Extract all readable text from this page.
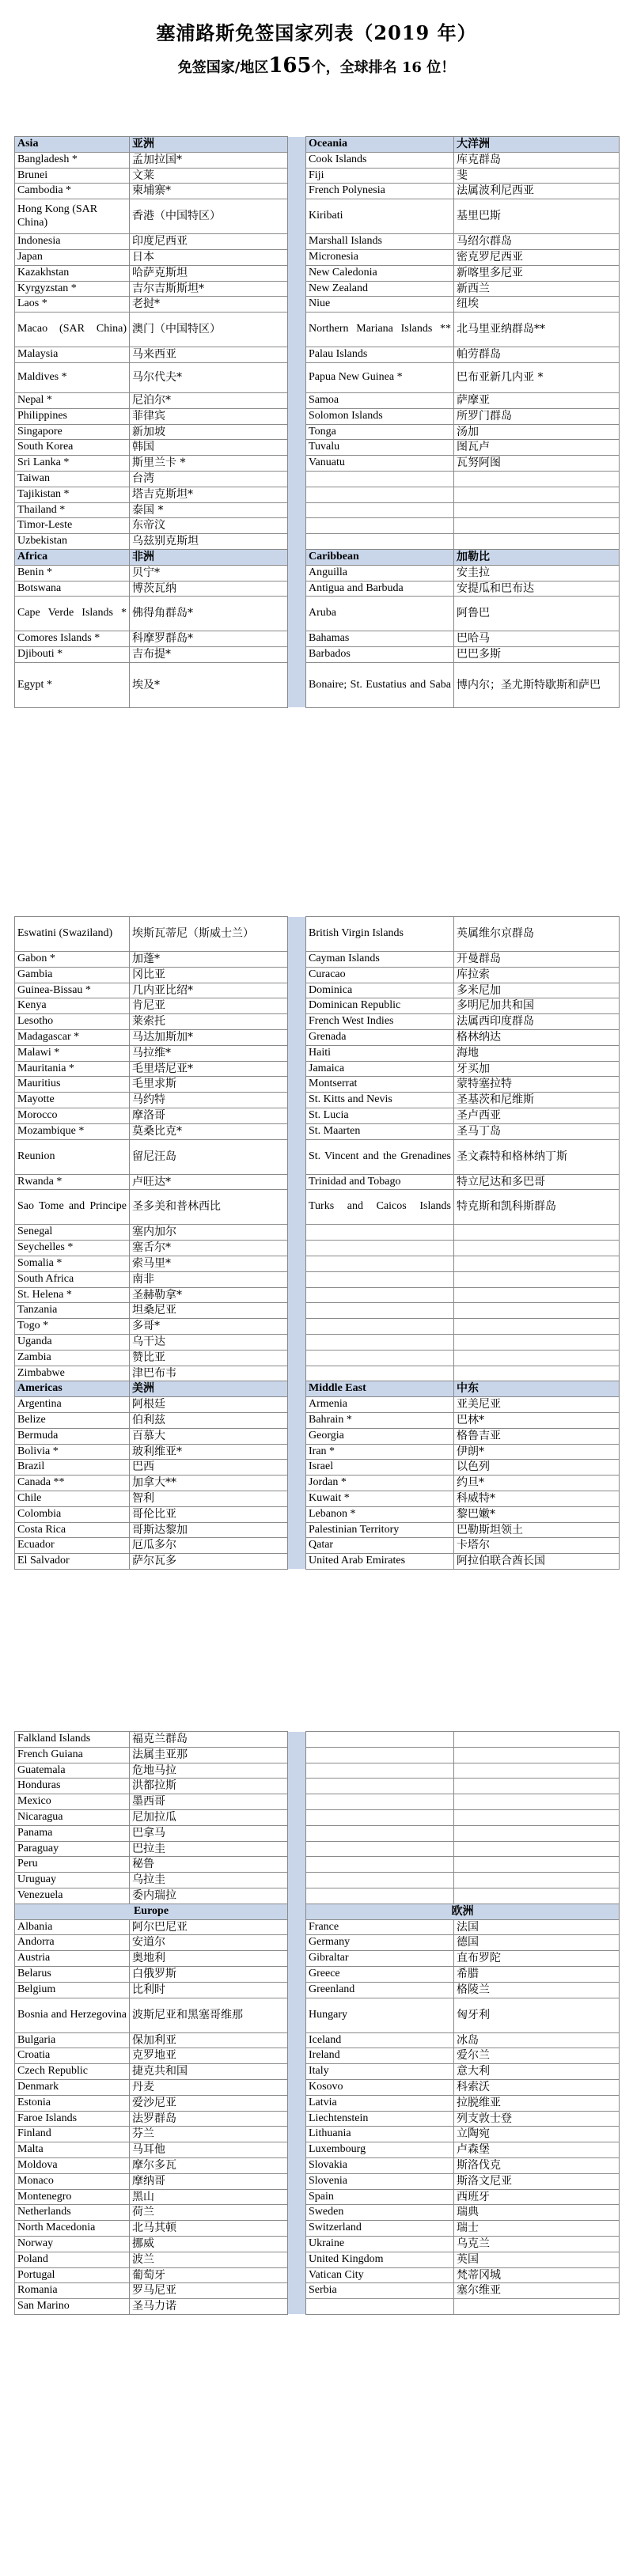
塞浦路斯免签国家列表（2019 年）
免签国家/地区165个，全球排名 16 位！
Asia	亚洲		Oceania	大洋洲
Bangladesh *	孟加拉国*		Cook Islands	库克群岛
Brunei	文莱		Fiji	斐
Cambodia *	柬埔寨*		French Polynesia	法属波利尼西亚
Hong Kong (SAR China)	香港（中国特区）		Kiribati	基里巴斯
Indonesia	印度尼西亚		Marshall Islands	马绍尔群岛
Japan	日本		Micronesia	密克罗尼西亚
Kazakhstan	哈萨克斯坦		New Caledonia	新喀里多尼亚
Kyrgyzstan *	吉尔吉斯斯坦*		New Zealand	新西兰
Laos *	老挝*		Niue	纽埃
Macao (SAR China)	澳门（中国特区）		Northern Mariana Islands **	北马里亚纳群岛**
Malaysia	马来西亚		Palau Islands	帕劳群岛
Maldives *	马尔代夫*		Papua New Guinea *	巴布亚新几内亚 *
Nepal *	尼泊尔*		Samoa	萨摩亚
Philippines	菲律宾		Solomon Islands	所罗门群岛
Singapore	新加坡		Tonga	汤加
South Korea	韩国		Tuvalu	图瓦卢
Sri Lanka *	斯里兰卡 *		Vanuatu	瓦努阿图
Taiwan	台湾			
Tajikistan *	塔吉克斯坦*			
Thailand *	泰国 *			
Timor-Leste	东帝汶			
Uzbekistan	乌兹别克斯坦			
Africa	非洲		Caribbean	加勒比
Benin *	贝宁*		Anguilla	安圭拉
Botswana	博茨瓦纳		Antigua and Barbuda	安提瓜和巴布达
Cape Verde Islands *	佛得角群岛*		Aruba	阿鲁巴
Comores Islands *	科摩罗群岛*		Bahamas	巴哈马
Djibouti *	吉布提*		Barbados	巴巴多斯
Egypt *	埃及*		Bonaire; St. Eustatius and Saba	博内尔；圣尤斯特歇斯和萨巴
Eswatini (Swaziland)	埃斯瓦蒂尼（斯威士兰）		British Virgin Islands	英属维尔京群岛
Gabon *	加蓬*		Cayman Islands	开曼群岛
Gambia	冈比亚		Curacao	库拉索
Guinea-Bissau *	几内亚比绍*		Dominica	多米尼加
Kenya	肯尼亚		Dominican Republic	多明尼加共和国
Lesotho	莱索托		French West Indies	法属西印度群岛
Madagascar *	马达加斯加*		Grenada	格林纳达
Malawi *	马拉维*		Haiti	海地
Mauritania *	毛里塔尼亚*		Jamaica	牙买加
Mauritius	毛里求斯		Montserrat	蒙特塞拉特
Mayotte	马约特		St. Kitts and Nevis	圣基茨和尼维斯
Morocco	摩洛哥		St. Lucia	圣卢西亚
Mozambique *	莫桑比克*		St. Maarten	圣马丁岛
Reunion	留尼汪岛		St. Vincent and the Grenadines	圣文森特和格林纳丁斯
Rwanda *	卢旺达*		Trinidad and Tobago	特立尼达和多巴哥
Sao Tome and Principe	圣多美和普林西比		Turks and Caicos Islands	特克斯和凯科斯群岛
Senegal	塞内加尔			
Seychelles *	塞舌尔*			
Somalia *	索马里*			
South Africa	南非			
St. Helena *	圣赫勒拿*			
Tanzania	坦桑尼亚			
Togo *	多哥*			
Uganda	乌干达			
Zambia	赞比亚			
Zimbabwe	津巴布韦			
Americas	美洲		Middle East	中东
Argentina	阿根廷		Armenia	亚美尼亚
Belize	伯利兹		Bahrain *	巴林*
Bermuda	百慕大		Georgia	格鲁吉亚
Bolivia *	玻利维亚*		Iran *	伊朗*
Brazil	巴西		Israel	以色列
Canada **	加拿大**		Jordan *	约旦*
Chile	智利		Kuwait *	科威特*
Colombia	哥伦比亚		Lebanon *	黎巴嫩*
Costa Rica	哥斯达黎加		Palestinian Territory	巴勒斯坦领土
Ecuador	厄瓜多尔		Qatar	卡塔尔
El Salvador	萨尔瓦多		United Arab Emirates	阿拉伯联合酋长国
Falkland Islands	福克兰群岛			
French Guiana	法属圭亚那			
Guatemala	危地马拉			
Honduras	洪都拉斯			
Mexico	墨西哥			
Nicaragua	尼加拉瓜			
Panama	巴拿马			
Paraguay	巴拉圭			
Peru	秘鲁			
Uruguay	乌拉圭			
Venezuela	委内瑞拉			
Europe			欧洲	
Albania	阿尔巴尼亚		France	法国
Andorra	安道尔		Germany	德国
Austria	奥地利		Gibraltar	直布罗陀
Belarus	白俄罗斯		Greece	希腊
Belgium	比利时		Greenland	格陵兰
Bosnia and Herzegovina	波斯尼亚和黑塞哥维那		Hungary	匈牙利
Bulgaria	保加利亚		Iceland	冰岛
Croatia	克罗地亚		Ireland	爱尔兰
Czech Republic	捷克共和国		Italy	意大利
Denmark	丹麦		Kosovo	科索沃
Estonia	爱沙尼亚		Latvia	拉脱维亚
Faroe Islands	法罗群岛		Liechtenstein	列支敦士登
Finland	芬兰		Lithuania	立陶宛
Malta	马耳他		Luxembourg	卢森堡
Moldova	摩尔多瓦		Slovakia	斯洛伐克
Monaco	摩纳哥		Slovenia	斯洛文尼亚
Montenegro	黑山		Spain	西班牙
Netherlands	荷兰		Sweden	瑞典
North Macedonia	北马其顿		Switzerland	瑞士
Norway	挪威		Ukraine	乌克兰
Poland	波兰		United Kingdom	英国
Portugal	葡萄牙		Vatican City	梵蒂冈城
Romania	罗马尼亚		Serbia	塞尔维亚
San Marino	圣马力诺			
